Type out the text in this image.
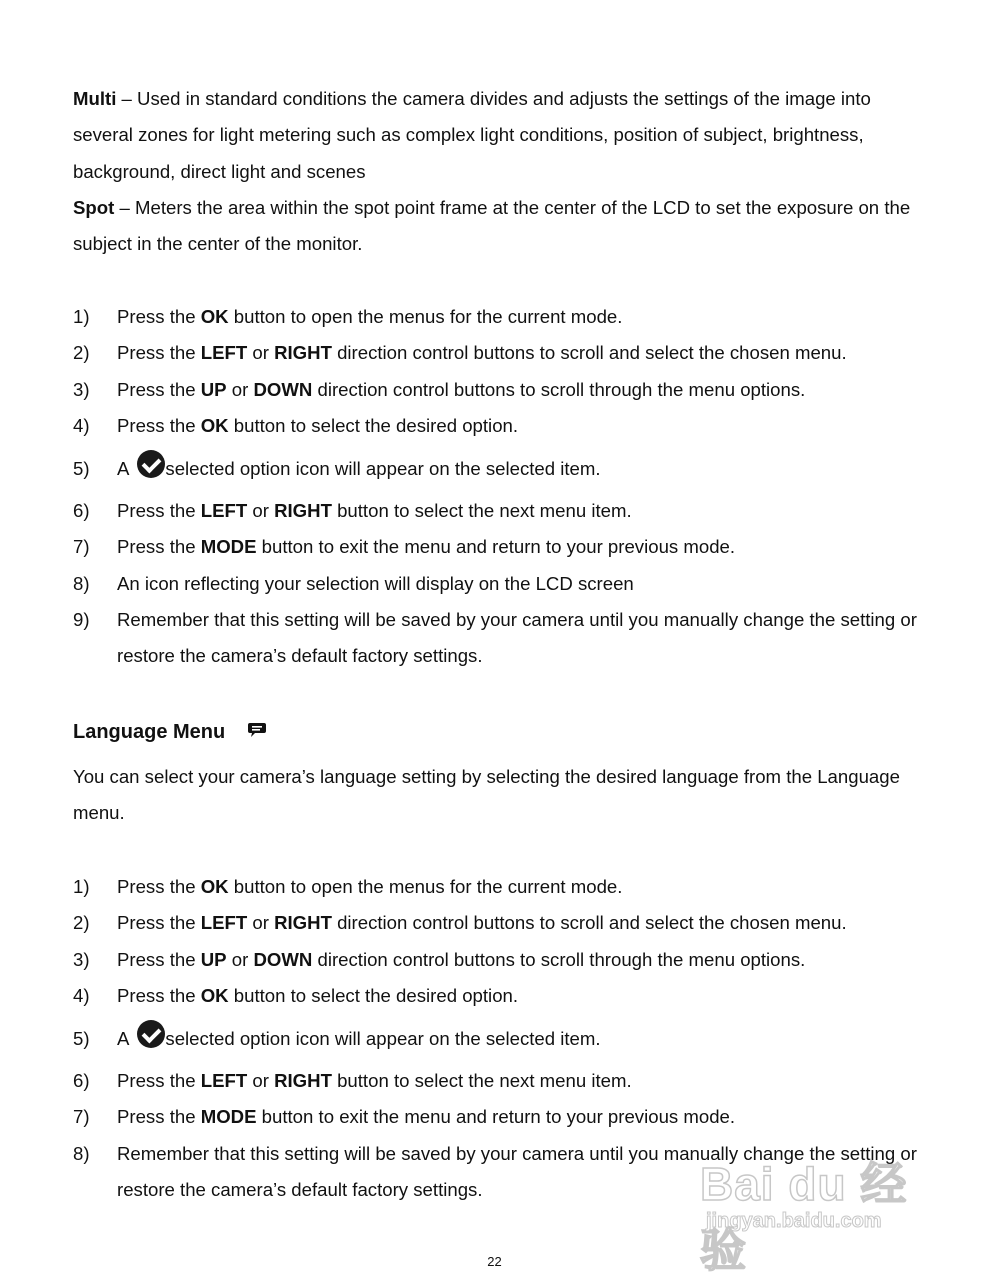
Multi – Used in standard conditions the camera divides and adjusts the settings of the image into several zones for light metering such as complex light conditions, position of subject, brightness, background, direct light and scenes

Spot – Meters the area within the spot point frame at the center of the LCD to set the exposure on the subject in the center of the monitor.

1) Press the OK button to open the menus for the current mode.
2) Press the LEFT or RIGHT direction control buttons to scroll and select the chosen menu.
3) Press the UP or DOWN direction control buttons to scroll through the menu options.
4) Press the OK button to select the desired option.
5) A selected option icon will appear on the selected item.
6) Press the LEFT or RIGHT button to select the next menu item.
7) Press the MODE button to exit the menu and return to your previous mode.
8) An icon reflecting your selection will display on the LCD screen
9) Remember that this setting will be saved by your camera until you manually change the setting or restore the camera’s default factory settings.
Language Menu

You can select your camera’s language setting by selecting the desired language from the Language menu.

1) Press the OK button to open the menus for the current mode.
2) Press the LEFT or RIGHT direction control buttons to scroll and select the chosen menu.
3) Press the UP or DOWN direction control buttons to scroll through the menu options.
4) Press the OK button to select the desired option.
5) A selected option icon will appear on the selected item.
6) Press the LEFT or RIGHT button to select the next menu item.
7) Press the MODE button to exit the menu and return to your previous mode.
8) Remember that this setting will be saved by your camera until you manually change the setting or restore the camera’s default factory settings.	Bai du 经验
jingyan.baidu.com
22
